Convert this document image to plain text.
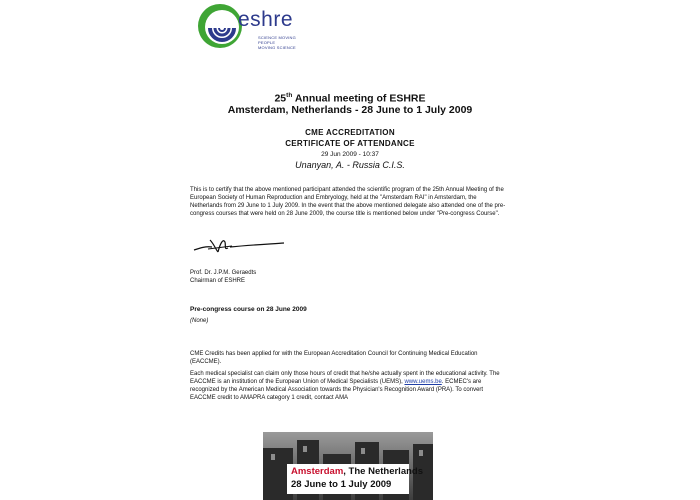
eshre
SCIENCE MOVING
PEOPLE
MOVING SCIENCE
25th Annual meeting of ESHRE
Amsterdam, Netherlands - 28 June to 1 July 2009
CME ACCREDITATION
CERTIFICATE OF ATTENDANCE
29 Jun 2009 - 10:37
Unanyan, A. - Russia C.I.S.
This is to certify that the above mentioned participant attended the scientific program of the 25th Annual Meeting of the European Society of Human Reproduction and Embryology, held at the "Amsterdam RAI" in Amsterdam, the Netherlands from 29 June to 1 July 2009. In the event that the above mentioned delegate also attended one of the pre-congress courses that were held on 28 June 2009, the course title is mentioned below under "Pre-congress Course".
Prof. Dr. J.P.M. Geraedts
Chairman of ESHRE
Pre-congress course on 28 June 2009
(None)
CME Credits has been applied for with the European Accreditation Council for Continuing Medical Education (EACCME).
Each medical specialist can claim only those hours of credit that he/she actually spent in the educational activity. The EACCME is an institution of the European Union of Medical Specialists (UEMS), www.uems.be. ECMEC's are recognized by the American Medical Association towards the Physician's Recognition Award (PRA). To convert EACCME credit to AMAPRA category 1 credit, contact AMA
Amsterdam, The Netherlands
28 June to 1 July 2009
